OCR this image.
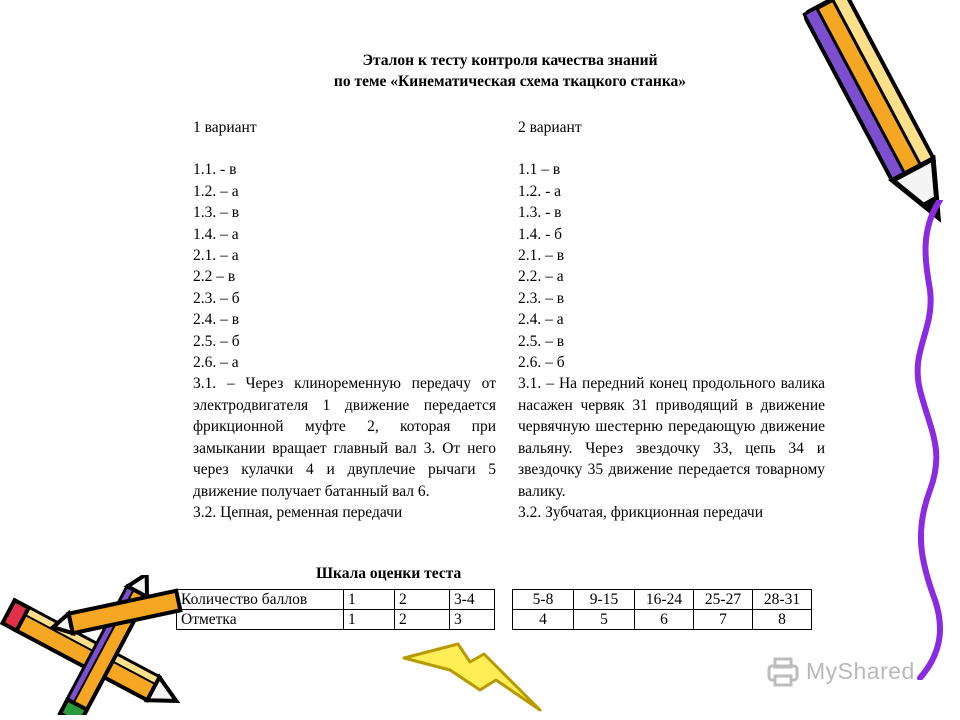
Эталон к тесту контроля качества знаний
по теме «Кинематическая схема ткацкого станка»
1 вариант
1.1. - в
1.2. – а
1.3. – в
1.4. – а
2.1. – а
2.2 – в
2.3. – б
2.4. – в
2.5. – б
2.6. – а
3.1. – Через клиноременную передачу от электродвигателя 1 движение передается фрикционной муфте 2, которая при замыкании вращает главный вал 3. От него через кулачки 4 и двуплечие рычаги 5 движение получает батанный вал 6.
3.2. Цепная, ременная передачи
2 вариант
1.1 – в
1.2. - а
1.3. - в
1.4. - б
2.1. – в
2.2. – а
2.3. – в
2.4. – а
2.5. – в
2.6. – б
3.1. – На передний конец продольного валика насажен червяк 31 приводящий в движение червячную шестерню передающую движение вальяну. Через звездочку 33, цепь 34 и звездочку 35 движение передается товарному валику.
3.2. Зубчатая, фрикционная передачи
Шкала оценки теста
Количество баллов	1	2	3-4
Отметка	1	2	3
5-8	9-15	16-24	25-27	28-31
4	5	6	7	8
MyShared
